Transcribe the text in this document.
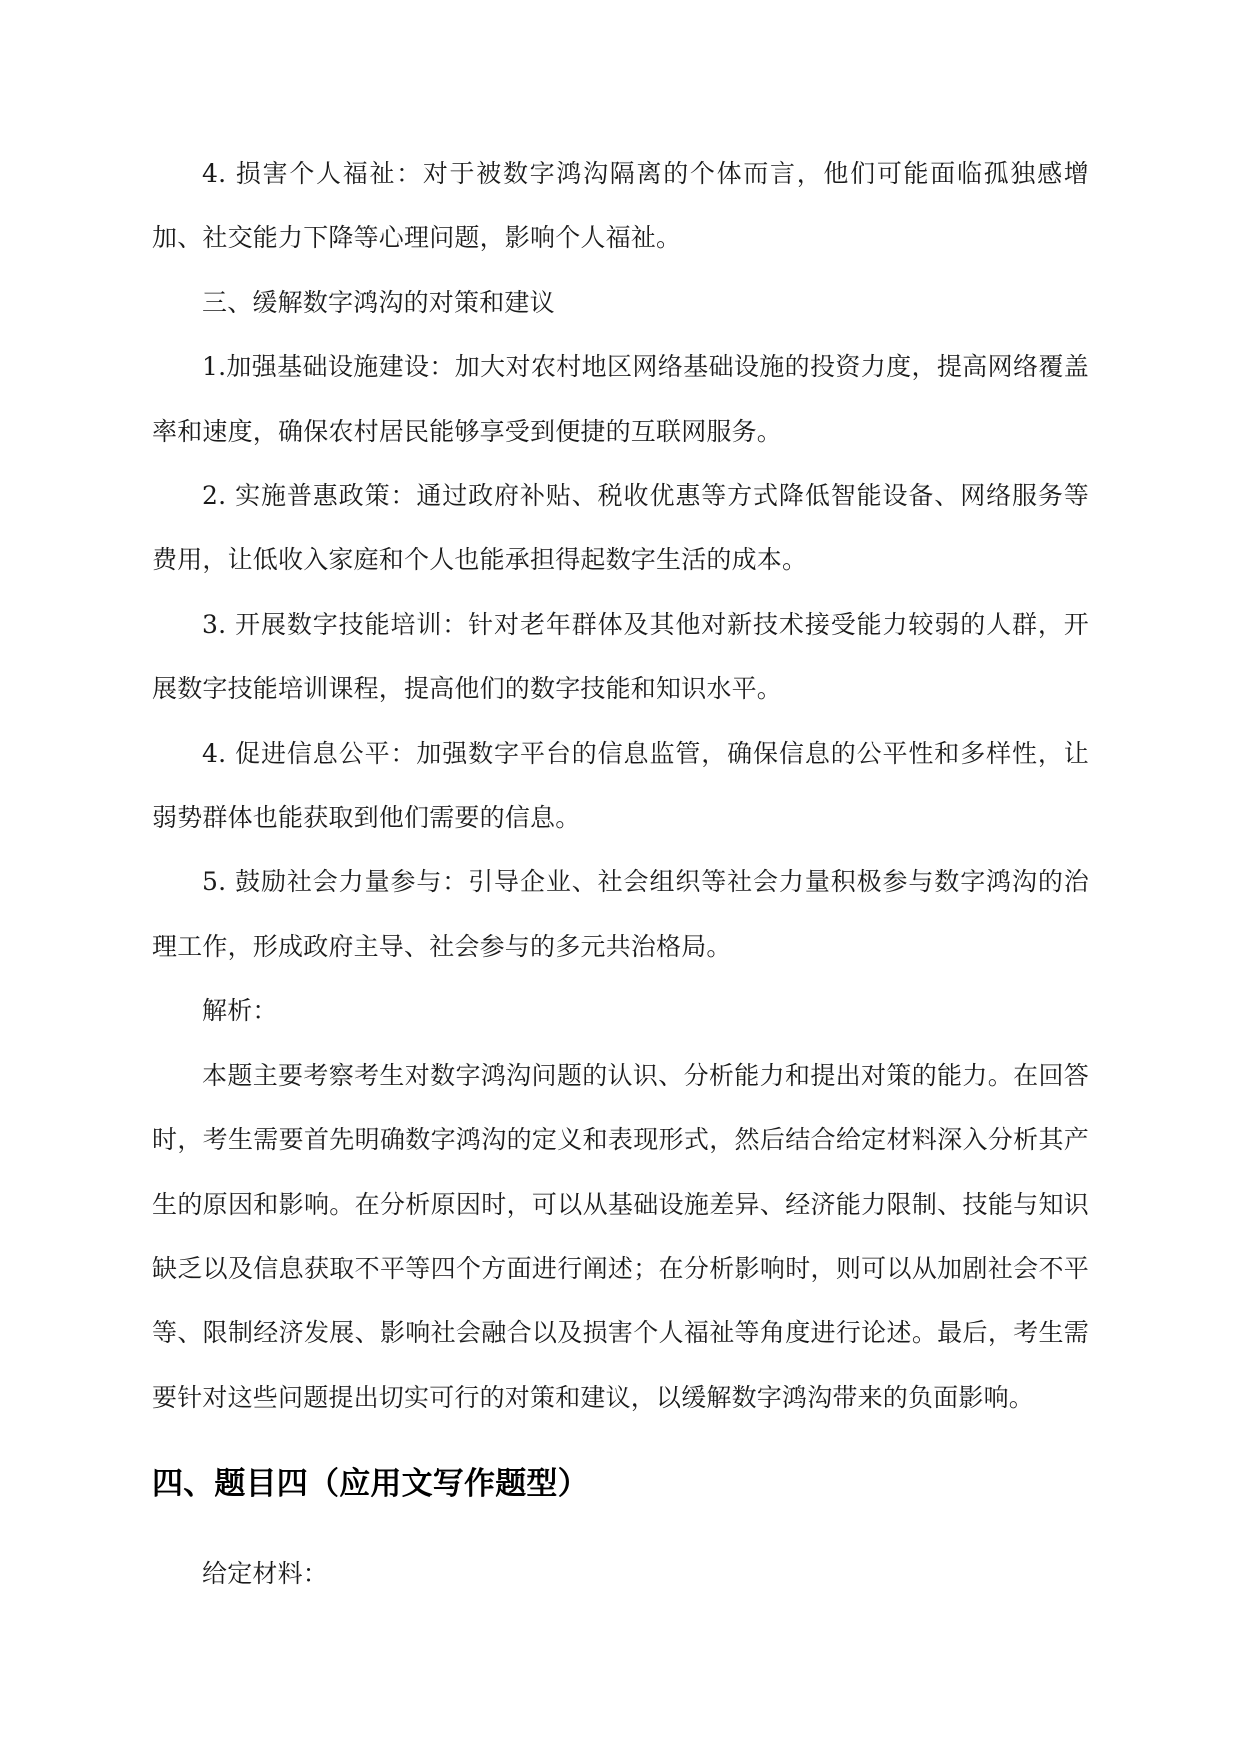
4. 损害个人福祉：对于被数字鸿沟隔离的个体而言，他们可能面临孤独感增加、社交能力下降等心理问题，影响个人福祉。

三、缓解数字鸿沟的对策和建议

1.加强基础设施建设：加大对农村地区网络基础设施的投资力度，提高网络覆盖率和速度，确保农村居民能够享受到便捷的互联网服务。

2. 实施普惠政策：通过政府补贴、税收优惠等方式降低智能设备、网络服务等费用，让低收入家庭和个人也能承担得起数字生活的成本。

3. 开展数字技能培训：针对老年群体及其他对新技术接受能力较弱的人群，开展数字技能培训课程，提高他们的数字技能和知识水平。

4. 促进信息公平：加强数字平台的信息监管，确保信息的公平性和多样性，让弱势群体也能获取到他们需要的信息。

5. 鼓励社会力量参与：引导企业、社会组织等社会力量积极参与数字鸿沟的治理工作，形成政府主导、社会参与的多元共治格局。

解析：

本题主要考察考生对数字鸿沟问题的认识、分析能力和提出对策的能力。在回答时，考生需要首先明确数字鸿沟的定义和表现形式，然后结合给定材料深入分析其产生的原因和影响。在分析原因时，可以从基础设施差异、经济能力限制、技能与知识缺乏以及信息获取不平等四个方面进行阐述；在分析影响时，则可以从加剧社会不平等、限制经济发展、影响社会融合以及损害个人福祉等角度进行论述。最后，考生需要针对这些问题提出切实可行的对策和建议，以缓解数字鸿沟带来的负面影响。

四、题目四（应用文写作题型）

给定材料：
